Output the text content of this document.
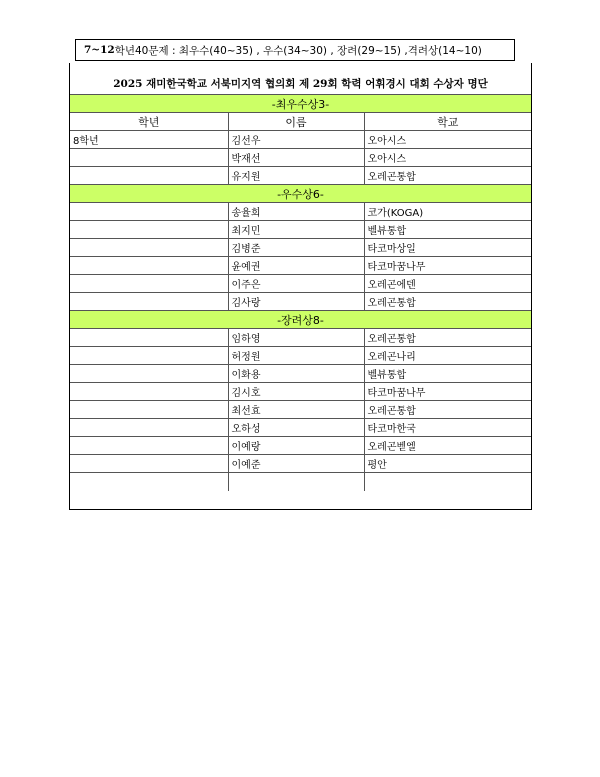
7~12 학년40문제 : 최우수(40~35) , 우수(34~30) , 장려(29~15) ,격려상(14~10)
2025 재미한국학교 서북미지역 협의회 제 29회 학력 어휘경시 대회 수상자 명단
-최우수상3-		
학년	이름	학교
8학년	김선우	오아시스
	박재선	오아시스
	유지원	오레곤통합
-우수상6-		
	송율희	코가(KOGA)
	최지민	벨뷰통합
	김병준	타코마상일
	윤예권	타코마꿈나무
	이주은	오레곤에덴
	김사랑	오레곤통합
-장려상8-		
	임하영	오레곤통합
	허정원	오레곤나리
	이화용	벨뷰통합
	김시호	타코마꿈나무
	최선효	오레곤통합
	오하성	타코마한국
	이예랑	오레곤벧엘
	이예준	평안
